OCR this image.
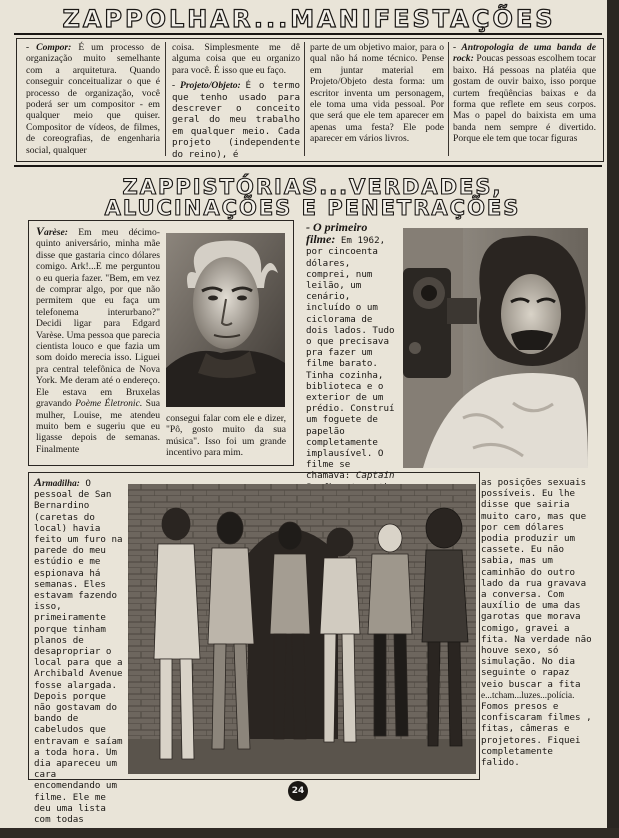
ZAPPOLHAR...MANIFESTAÇÕES

- Compor: É um processo de organização muito semelhante com a arquitetura. Quando conseguir conceitualizar o que é processo de organização, você poderá ser um compositor - em qualquer meio que quiser. Compositor de vídeos, de filmes, de coreografias, de engenharia social, qualquer

coisa. Simplesmente me dê alguma coisa que eu organizo para você. É isso que eu faço.

- Projeto/Objeto: É o termo que tenho usado para descrever o conceito geral do meu trabalho em qualquer meio. Cada projeto (independente do reino), é

parte de um objetivo maior, para o qual não há nome técnico. Pense em juntar material em Projeto/Objeto desta forma: um escritor inventa um personagem, ele toma uma vida pessoal. Por que será que ele tem aparecer em apenas uma festa? Ele pode aparecer em vários livros.

- Antropologia de uma banda de rock: Poucas pessoas escolhem tocar baixo. Há pessoas na platéia que gostam de ouvir baixo, isso porque curtem freqüências baixas e da forma que reflete em seus corpos. Mas o papel do baixista em uma banda nem sempre é divertido. Porque ele tem que tocar figuras

ZAPPISTÓRIAS...VERDADES,
ALUCINAÇÕES E PENETRAÇÕES

Varèse: Em meu décimo-quinto aniversário, minha mãe disse que gastaria cinco dólares comigo. Ark!...E me perguntou o eu queria fazer. "Bem, em vez de comprar algo, por que não permitem que eu faça um telefonema interurbano?" Decidi ligar para Edgard Varèse. Uma pessoa que parecia cientista louco e que fazia um som doido merecia isso. Liguei pra central telefônica de Nova York. Me deram até o endereço. Ele estava em Bruxelas gravando Poème Életronic. Sua mulher, Louise, me atendeu muito bem e sugeriu que eu ligasse depois de semanas. Finalmente

consegui falar com ele e dizer, "Pô, gosto muito da sua música". Isso foi um grande incentivo para mim.

- O primeiro filme: Em 1962, por cincoenta dólares, comprei, num leilão, um cenário, incluído o um ciclorama de dois lados. Tudo o que precisava pra fazer um filme barato. Tinha cozinha, biblioteca e o exterior de um prédio. Construí um foguete de papelão completamente implausível. O filme se chamava: Captain

Armadilha: O pessoal de San Bernardino (caretas do local) havia feito um furo na parede do meu estúdio e me espionava há semanas. Eles estavam fazendo isso, primeiramente porque tinham planos de desapropriar o local para que a Archibald Avenue fosse alargada. Depois porque não gostavam do bando de cabeludos que entravam e saíam a toda hora. Um dia apareceu um cara encomendando um filme. Ele me deu uma lista com todas

as posições sexuais possíveis. Eu lhe disse que sairia muito caro, mas que por cem dólares podia produzir um cassete. Eu não sabia, mas um caminhão do outro lado da rua gravava a conversa. Com auxílio de uma das garotas que morava comigo, gravei a fita. Na verdade não houve sexo, só simulação. No dia seguinte o rapaz veio buscar a fita

e...tcham...luzes...polícia.

Fomos presos e confiscaram filmes , fitas, câmeras e projetores. Fiquei completamente falido.

24
